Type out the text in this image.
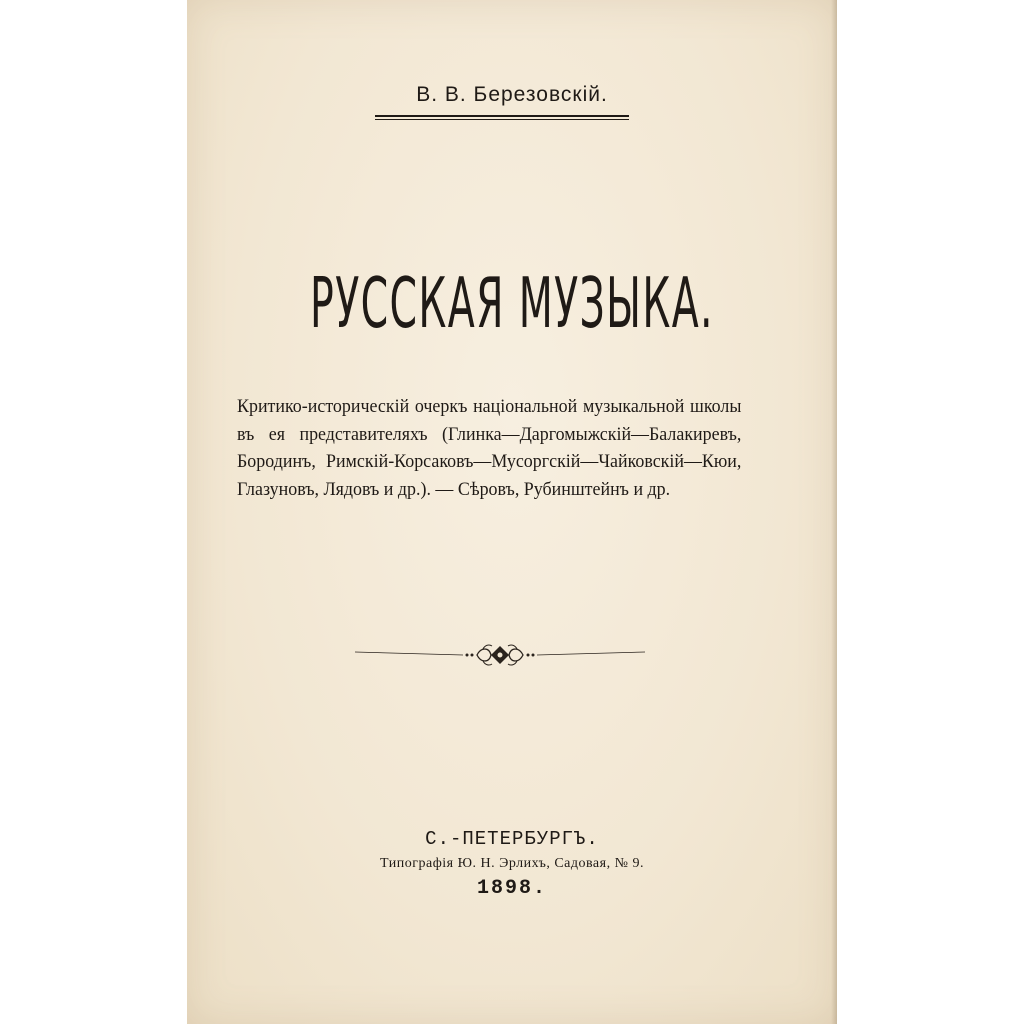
В. В. Березовскій.
РУССКАЯ МУЗЫКА.
Критико-историческій очеркъ національной музыкальной школы въ ея представителяхъ (Глинка—Даргомыжскій—Балакиревъ, Бородинъ, Римскій-Корсаковъ—Мусоргскій—Чайковскій—Кюи, Глазуновъ, Лядовъ и др.). — Сѣровъ, Рубинштейнъ и др.
С.-ПЕТЕРБУРГЪ.
Типографія Ю. Н. Эрлихъ, Садовая, № 9.
1898.
